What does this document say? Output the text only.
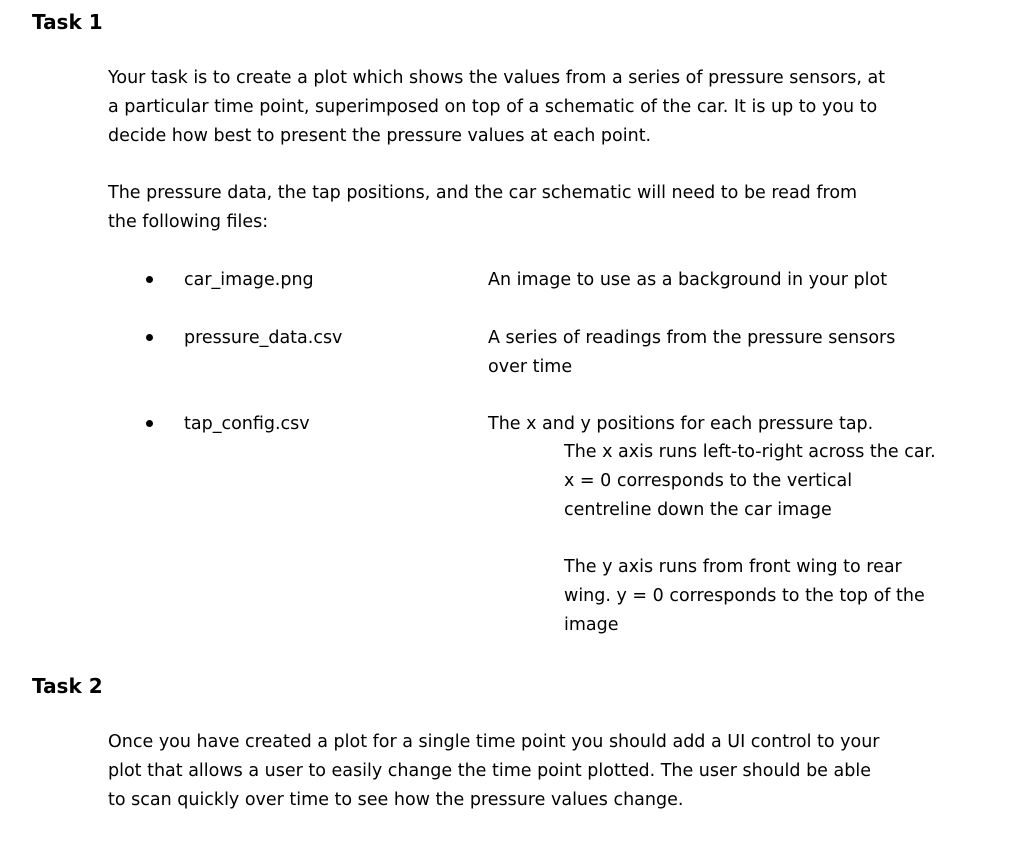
Task 1

Your task is to create a plot which shows the values from a series of pressure sensors, at
a particular time point, superimposed on top of a schematic of the car. It is up to you to
decide how best to present the pressure values at each point.

The pressure data, the tap positions, and the car schematic will need to be read from
the following files:

car_image.png	An image to use as a background in your plot

pressure_data.csv	A series of readings from the pressure sensors
over time

tap_config.csv	The x and y positions for each pressure tap.

The x axis runs left-to-right across the car.
x = 0 corresponds to the vertical
centreline down the car image

The y axis runs from front wing to rear
wing. y = 0 corresponds to the top of the
image

Task 2

Once you have created a plot for a single time point you should add a UI control to your
plot that allows a user to easily change the time point plotted. The user should be able
to scan quickly over time to see how the pressure values change.
